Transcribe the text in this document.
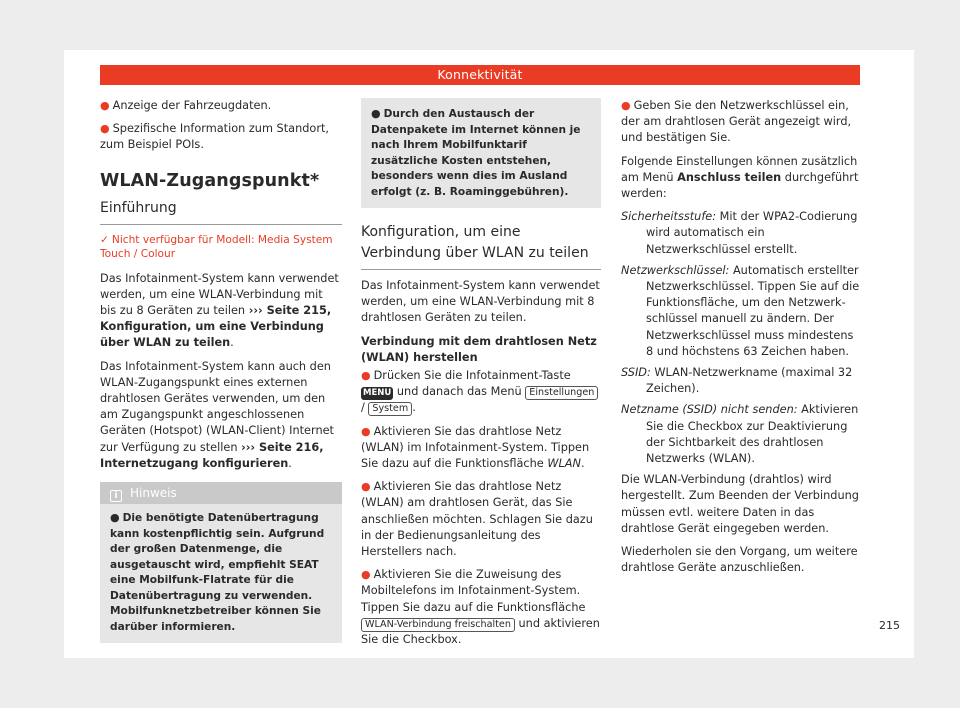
Konnektivität

● Anzeige der Fahrzeugdaten.

● Spezifische Information zum Standort, zum Beispiel POIs.

WLAN-Zugangspunkt*
Einführung
✓ Nicht verfügbar für Modell: Media System Touch / Colour

Das Infotainment-System kann verwendet werden, um eine WLAN-Verbindung mit bis zu 8 Geräten zu teilen ››› Seite 215, Konfiguration, um eine Verbindung über WLAN zu teilen.

Das Infotainment-System kann auch den WLAN-Zugangspunkt eines externen drahtlosen Gerätes verwenden, um den am Zugangspunkt angeschlossenen Geräten (Hotspot) (WLAN-Client) Internet zur Verfügung zu stellen ››› Seite 216, Internetzugang konfigurieren.

i Hinweis
● Die benötigte Datenübertragung kann kostenpflichtig sein. Aufgrund der großen Datenmenge, die ausgetauscht wird, empfiehlt SEAT eine Mobilfunk-Flatrate für die Datenübertragung zu verwenden. Mobilfunknetzbetreiber können Sie darüber informieren.
● Durch den Austausch der Datenpakete im Internet können je nach Ihrem Mobilfunktarif zusätzliche Kosten entstehen, besonders wenn dies im Ausland erfolgt (z. B. Roaminggebühren).
Konfiguration, um eine Verbindung über WLAN zu teilen

Das Infotainment-System kann verwendet werden, um eine WLAN-Verbindung mit 8 drahtlosen Geräten zu teilen.

Verbindung mit dem drahtlosen Netz (WLAN) herstellen

● Drücken Sie die Infotainment-Taste MENU und danach das Menü Einstellungen / System .

● Aktivieren Sie das drahtlose Netz (WLAN) im Infotainment-System. Tippen Sie dazu auf die Funktionsfläche WLAN.

● Aktivieren Sie das drahtlose Netz (WLAN) am drahtlosen Gerät, das Sie anschließen möchten. Schlagen Sie dazu in der Bedienungsanleitung des Herstellers nach.

● Aktivieren Sie die Zuweisung des Mobiltelefons im Infotainment-System. Tippen Sie dazu auf die Funktionsfläche WLAN-Verbindung freischalten und aktivieren Sie die Checkbox.

● Geben Sie den Netzwerkschlüssel ein, der am drahtlosen Gerät angezeigt wird, und bestätigen Sie.

Folgende Einstellungen können zusätzlich am Menü Anschluss teilen durchgeführt werden:

Sicherheitsstufe: Mit der WPA2-Codierung wird automatisch ein Netzwerkschlüssel erstellt.
Netzwerkschlüssel: Automatisch erstellter Netzwerkschlüssel. Tippen Sie auf die Funktionsfläche, um den Netzwerkschlüssel manuell zu ändern. Der Netzwerkschlüssel muss mindestens 8 und höchstens 63 Zeichen haben.
SSID: WLAN-Netzwerkname (maximal 32 Zeichen).
Netzname (SSID) nicht senden: Aktivieren Sie die Checkbox zur Deaktivierung der Sichtbarkeit des drahtlosen Netzwerks (WLAN).

Die WLAN-Verbindung (drahtlos) wird hergestellt. Zum Beenden der Verbindung müssen evtl. weitere Daten in das drahtlose Gerät eingegeben werden.

Wiederholen sie den Vorgang, um weitere drahtlose Geräte anzuschließen.

215
